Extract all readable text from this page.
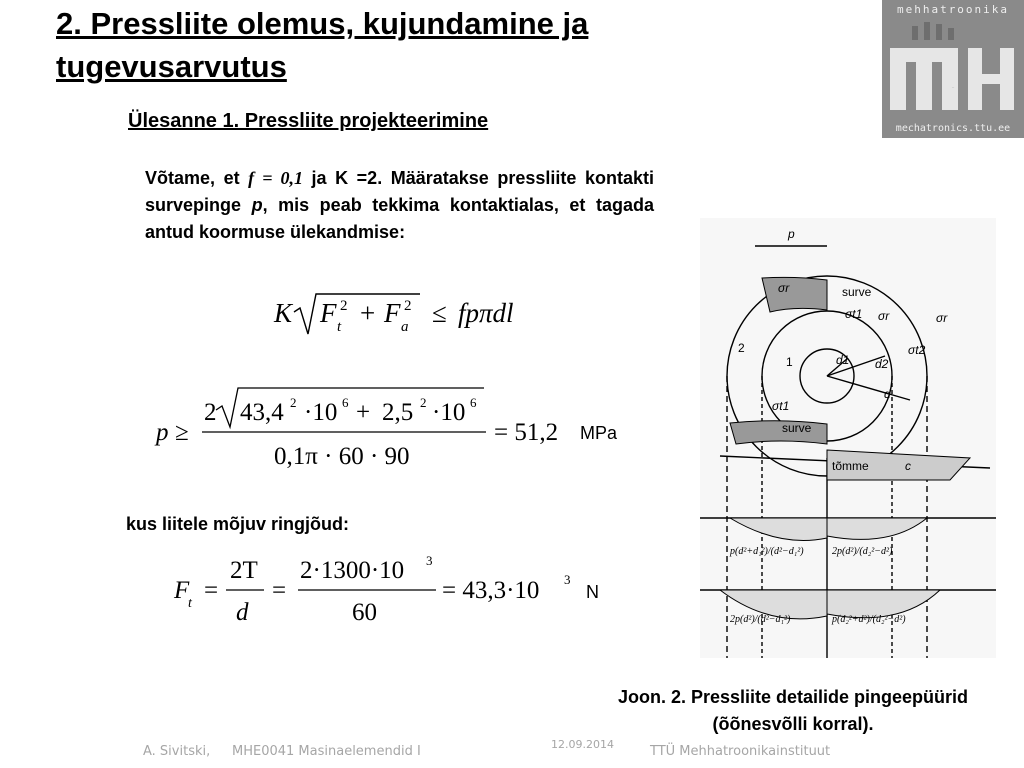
2. Pressliite olemus, kujundamine ja tugevusarvutus
mehhatroonika
MHE
mechatronics.ttu.ee
Ülesanne 1. Pressliite projekteerimine
Võtame, et f = 0,1 ja K =2. Määratakse pressliite kontakti survepinge p, mis peab tekkima kontaktialas, et tagada antud koormuse ülekandmise:
K F t
2 + F a
2 ≤ fpπdl
p ≥
2 43,4 2 ·10 6 + 2,5 2 ·10 6
0,1π · 60 · 90
= 51,2 MPa
kus liitele mõjuv ringjõud:
F
t =
2T
d
=
2·1300·10 3
60
= 43,3·10 3
N
p
σr	surve
σt1 σr	σr
σt2
2
1	d1 d2
d
σt1
surve
tõmme	c
p(d²+d₁²)/(d²−d₁²)	2p(d²)/(d₂²−d²)
2p(d²)/(d²−d₁²)	p(d₂²+d²)/(d₂²−d²)
Joon. 2. Pressliite detailide pingeepüürid
(õõnesvõlli korral).
A. Sivitski, MHE0041 Masinaelemendid I	12.09.2014	TTÜ Mehhatroonikainstituut
